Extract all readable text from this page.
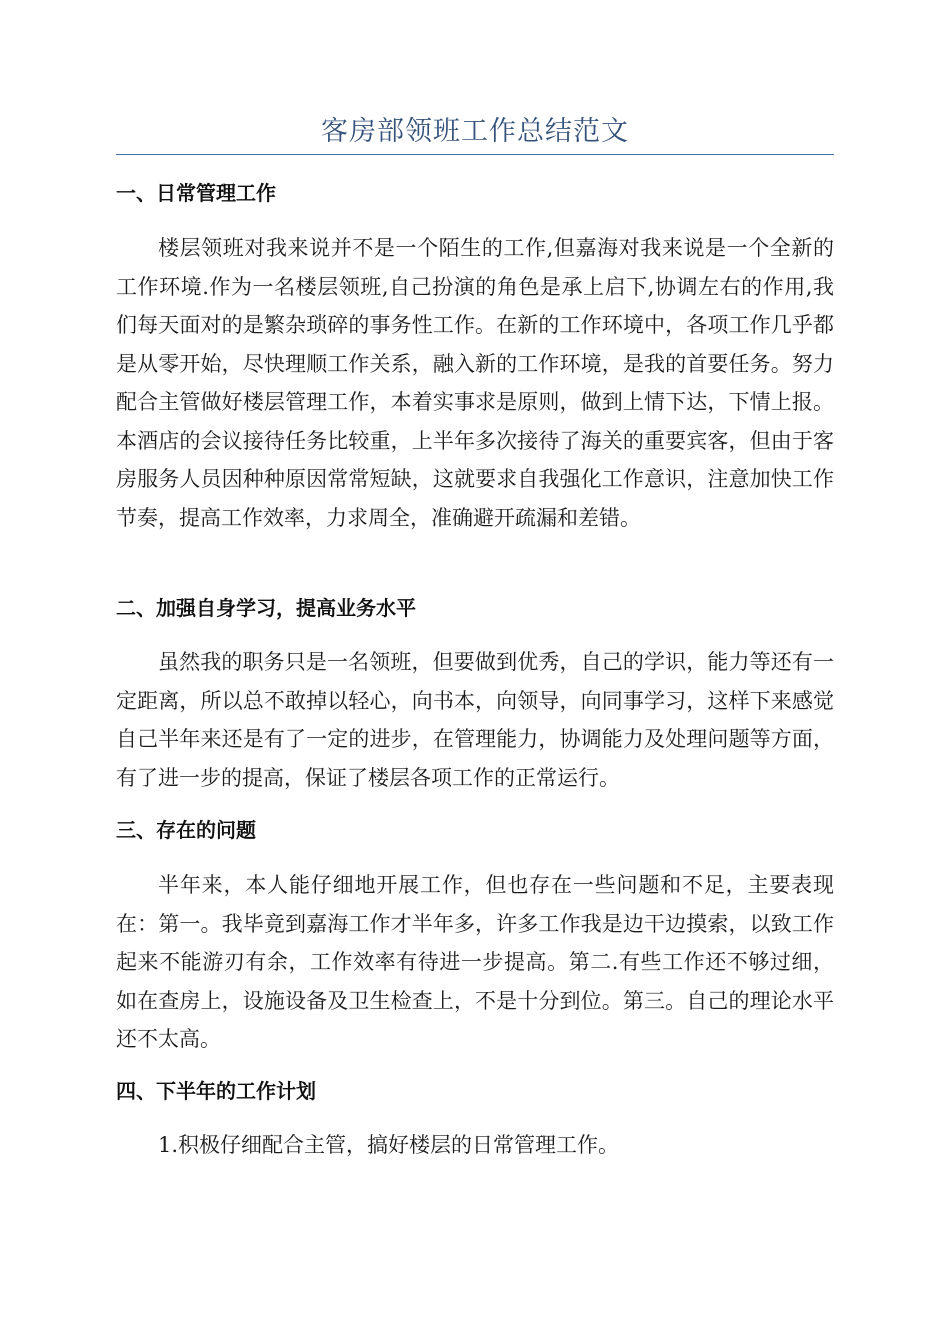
客房部领班工作总结范文
一、日常管理工作
楼层领班对我来说并不是一个陌生的工作,但嘉海对我来说是一个全新的工作环境.作为一名楼层领班,自己扮演的角色是承上启下,协调左右的作用,我们每天面对的是繁杂琐碎的事务性工作。在新的工作环境中，各项工作几乎都是从零开始，尽快理顺工作关系，融入新的工作环境，是我的首要任务。努力配合主管做好楼层管理工作，本着实事求是原则，做到上情下达，下情上报。本酒店的会议接待任务比较重，上半年多次接待了海关的重要宾客，但由于客房服务人员因种种原因常常短缺，这就要求自我强化工作意识，注意加快工作节奏，提高工作效率，力求周全，准确避开疏漏和差错。
二、加强自身学习，提高业务水平
虽然我的职务只是一名领班，但要做到优秀，自己的学识，能力等还有一定距离，所以总不敢掉以轻心，向书本，向领导，向同事学习，这样下来感觉自己半年来还是有了一定的进步，在管理能力，协调能力及处理问题等方面，有了进一步的提高，保证了楼层各项工作的正常运行。
三、存在的问题
半年来，本人能仔细地开展工作，但也存在一些问题和不足，主要表现在：第一。我毕竟到嘉海工作才半年多，许多工作我是边干边摸索，以致工作起来不能游刃有余，工作效率有待进一步提高。第二.有些工作还不够过细，如在查房上，设施设备及卫生检查上，不是十分到位。第三。自己的理论水平还不太高。
四、下半年的工作计划
1.积极仔细配合主管，搞好楼层的日常管理工作。
